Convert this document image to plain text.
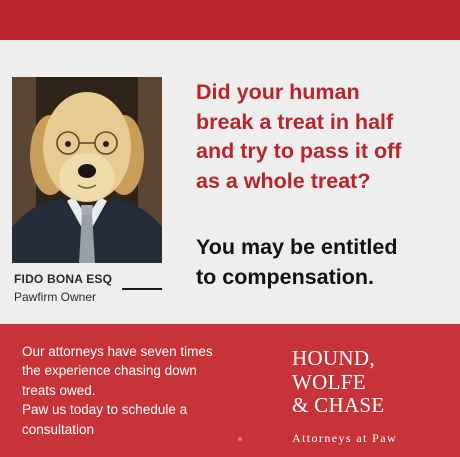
FIDO BONA ESQ
Pawfirm Owner
Did your human
break a treat in half
and try to pass it off
as a whole treat?
You may be entitled
to compensation.
Our attorneys have seven times
the experience chasing down
treats owed.
Paw us today to schedule a
consultation
HOUND,
WOLFE
& CHASE
Attorneys at Paw
